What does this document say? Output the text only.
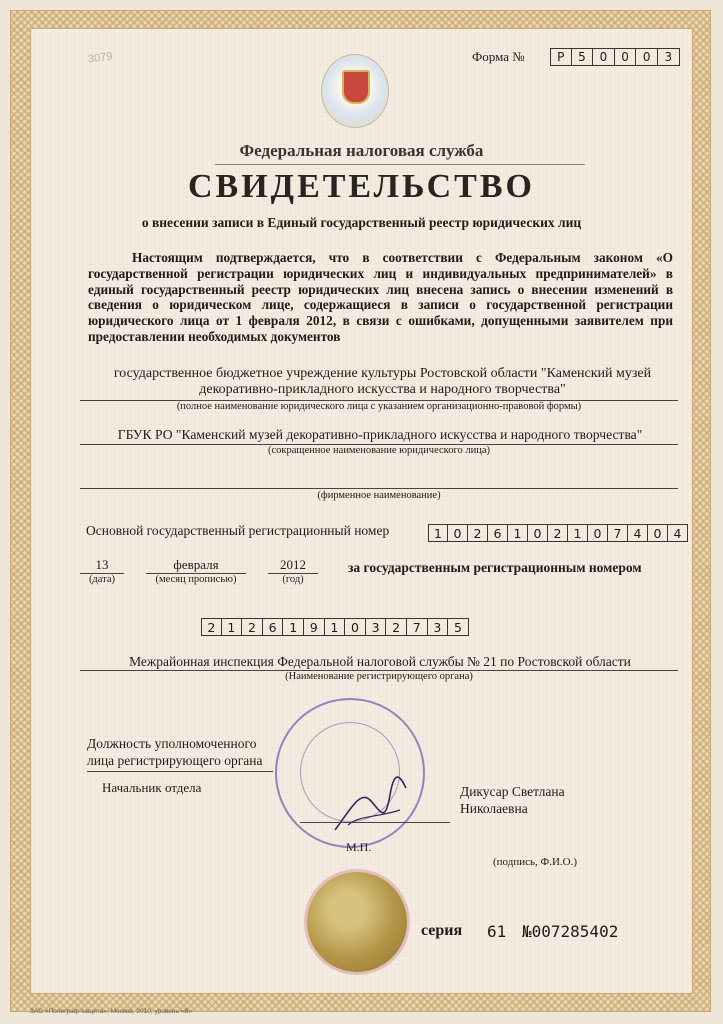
3079	Форма №	Р	5	0	0	0	3
Федеральная налоговая служба
СВИДЕТЕЛЬСТВО
о внесении записи в Единый государственный реестр юридических лиц
Настоящим подтверждается, что в соответствии с Федеральным законом «О государственной регистрации юридических лиц и индивидуальных предпринимателей» в единый государственный реестр юридических лиц внесена запись о внесении изменений в сведения о юридическом лице, содержащиеся в записи о государственной регистрации юридического лица от 1 февраля 2012, в связи с ошибками, допущенными заявителем при предоставлении необходимых документов
государственное бюджетное учреждение культуры Ростовской области "Каменский музей декоративно-прикладного искусства и народного творчества"
(полное наименование юридического лица с указанием организационно-правовой формы)
ГБУК РО "Каменский музей декоративно-прикладного искусства и народного творчества"
(сокращенное наименование юридического лица)
(фирменное наименование)
Основной государственный регистрационный номер	1 0 2 6 1 0 2 1 0 7 4 0 4
13
(дата)
февраля
(месяц прописью)
2012
(год)
за государственным регистрационным номером
2 1	2	6	1	9	1	0	3	2	7	3	5
Межрайонная инспекция Федеральной налоговой службы № 21 по Ростовской области
(Наименование регистрирующего органа)
Должность уполномоченного
лица регистрирующего органа
Начальник отдела	Дикусар Светлана
Николаевна
М.П.
(подпись, Ф.И.О.)
серия 61 №007285402
ЗАО «Полиграф-защита», Москва, 2010, уровень «В»
